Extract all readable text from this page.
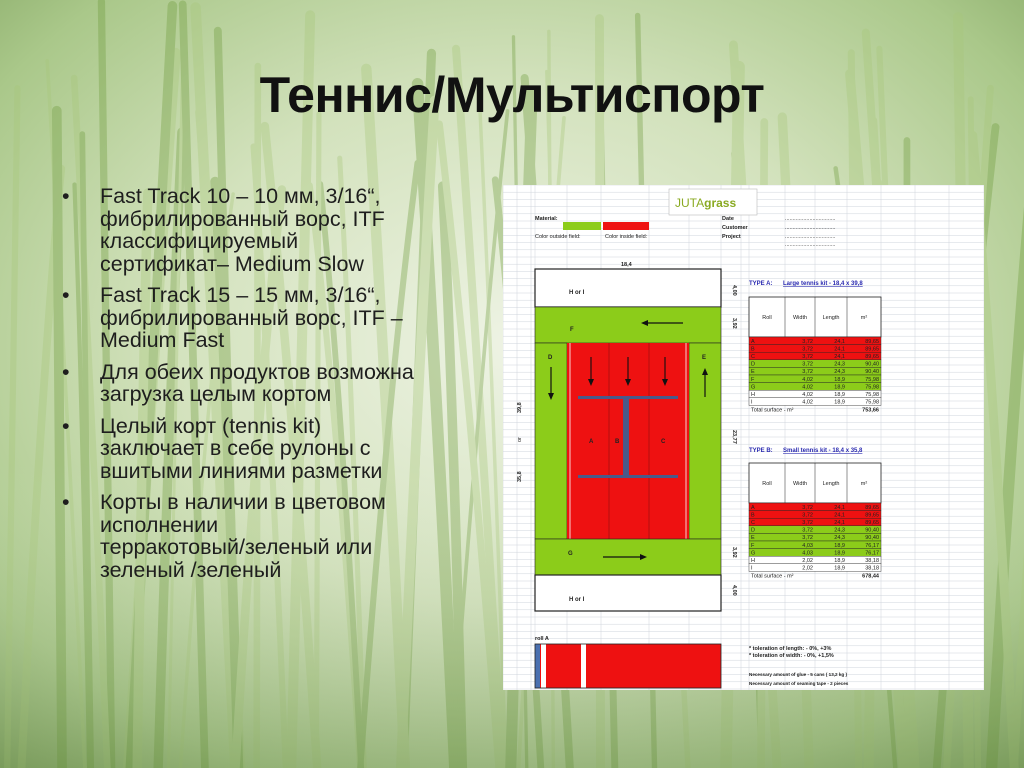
Теннис/Мультиспорт
• Fast Track 10 – 10 мм, 3/16“,
фибрилированный ворс, ITF
классифицируемый
сертификат– Medium Slow
• Fast Track 15 – 15 мм, 3/16“,
фибрилированный ворс, ITF –
Medium Fast
• Для обеих продуктов возможна
загрузка целым кортом
• Целый корт (tennis kit)
заключает в себе рулоны с
вшитыми линиями разметки
• Корты в наличии в цветовом
исполнении
терракотовый/зеленый или
зеленый /зеленый
JUTAgrass
Material:
Color outside field:	Color inside field:
Date
Customer
Project
.................................
.................................
.................................
.................................
18,4
H or I
F
D	E
A	B	C
G
H or I
39,8
35,8
or
4,00
3,92
23,77
3,92
4,00
roll A
TYPE A: Large tennis kit - 18,4 x 39,8
Roll	Width	Length	m²
A	3,72	24,1	89,65
B	3,72	24,1	89,65
C	3,72	24,1	89,65
D	3,72	24,3	90,40
E	3,72	24,3	90,40
F	4,02	18,9	75,98
G	4,02	18,9	75,98
H	4,02	18,9	75,98
I	4,02	18,9	75,98
Total surface - m²	753,66
TYPE B: Small tennis kit - 18,4 x 35,8
Roll	Width	Length	m²
A	3,72	24,1	89,65
B	3,72	24,1	89,65
C	3,72	24,1	89,65
D	3,72	24,3	90,40
E	3,72	24,3	90,40
F	4,03	18,9	76,17
G	4,03	18,9	76,17
H	2,02	18,9	38,18
I	2,02	18,9	38,18
Total surface - m²	678,44
* toleration of length: - 0%, +3%
* toleration of width: - 0%, +1,5%
Necessary amount of glue - 5 cans ( 13,2 kg )
Necessary amount of seaming tape - 2 pieces
